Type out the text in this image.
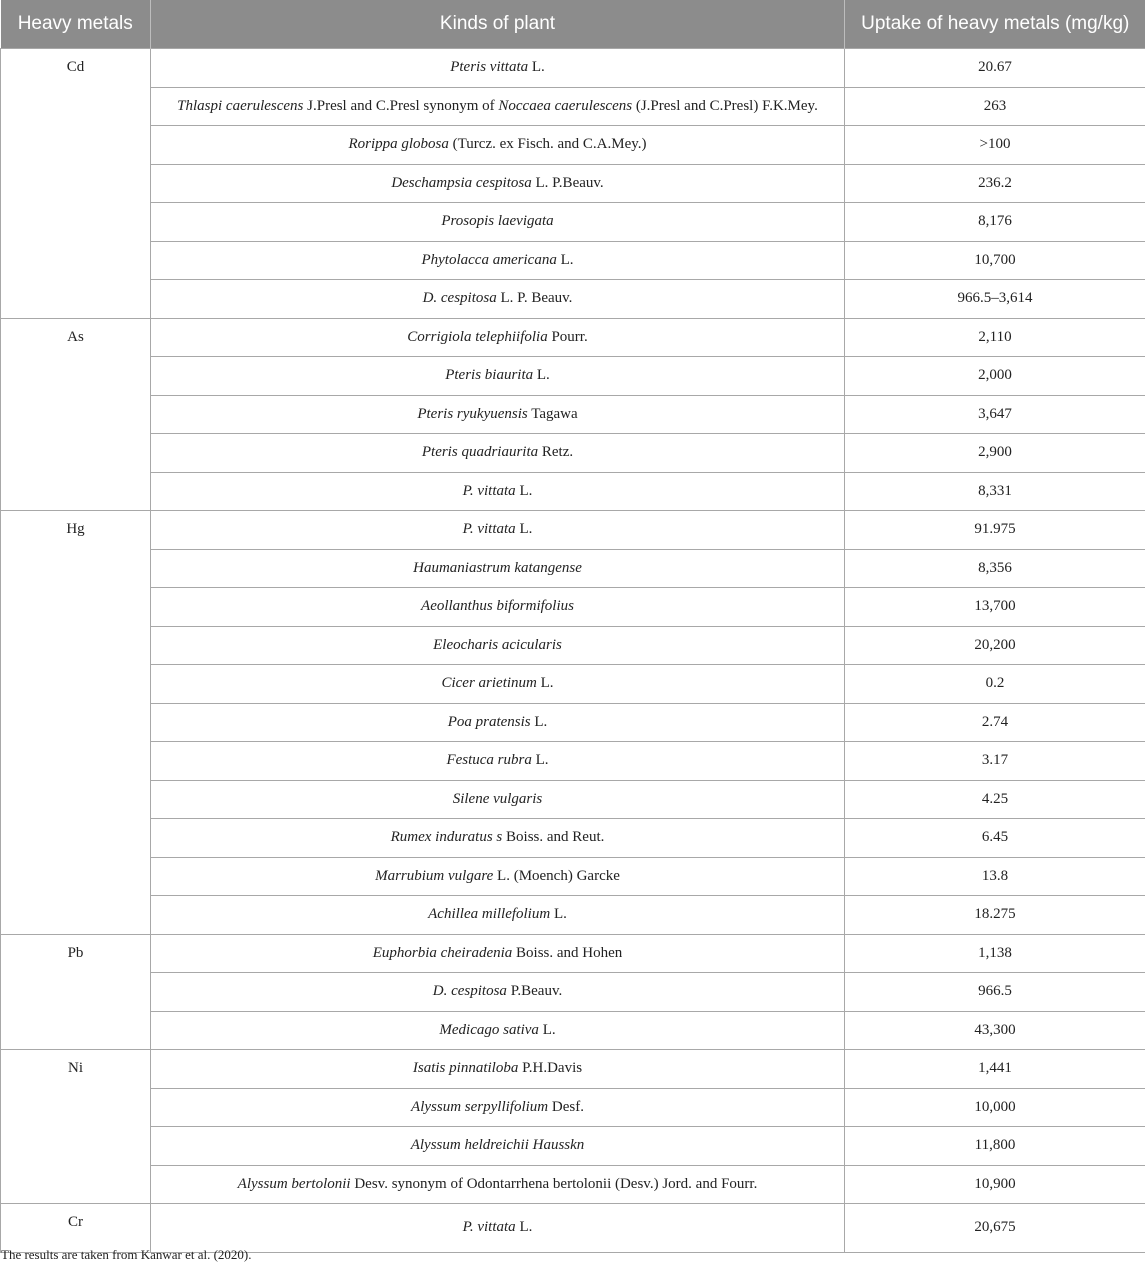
Heavy metals	Kinds of plant	Uptake of heavy metals (mg/kg)
Cd	Pteris vittata L.	20.67
	Thlaspi caerulescens J.Presl and C.Presl synonym of Noccaea caerulescens (J.Presl and C.Presl) F.K.Mey.	263
	Rorippa globosa (Turcz. ex Fisch. and C.A.Mey.)	>100
	Deschampsia cespitosa L. P.Beauv.	236.2
	Prosopis laevigata	8,176
	Phytolacca americana L.	10,700
	D. cespitosa L. P. Beauv.	966.5–3,614
As	Corrigiola telephiifolia Pourr.	2,110
	Pteris biaurita L.	2,000
	Pteris ryukyuensis Tagawa	3,647
	Pteris quadriaurita Retz.	2,900
	P. vittata L.	8,331
Hg	P. vittata L.	91.975
	Haumaniastrum katangense	8,356
	Aeollanthus biformifolius	13,700
	Eleocharis acicularis	20,200
	Cicer arietinum L.	0.2
	Poa pratensis L.	2.74
	Festuca rubra L.	3.17
	Silene vulgaris	4.25
	Rumex induratus s Boiss. and Reut.	6.45
	Marrubium vulgare L. (Moench) Garcke	13.8
	Achillea millefolium L.	18.275
Pb	Euphorbia cheiradenia Boiss. and Hohen	1,138
	D. cespitosa P.Beauv.	966.5
	Medicago sativa L.	43,300
Ni	Isatis pinnatiloba P.H.Davis	1,441
	Alyssum serpyllifolium Desf.	10,000
	Alyssum heldreichii Hausskn	11,800
	Alyssum bertolonii Desv. synonym of Odontarrhena bertolonii (Desv.) Jord. and Fourr.	10,900
Cr	P. vittata L.	20,675

The results are taken from Kanwar et al. (2020).
